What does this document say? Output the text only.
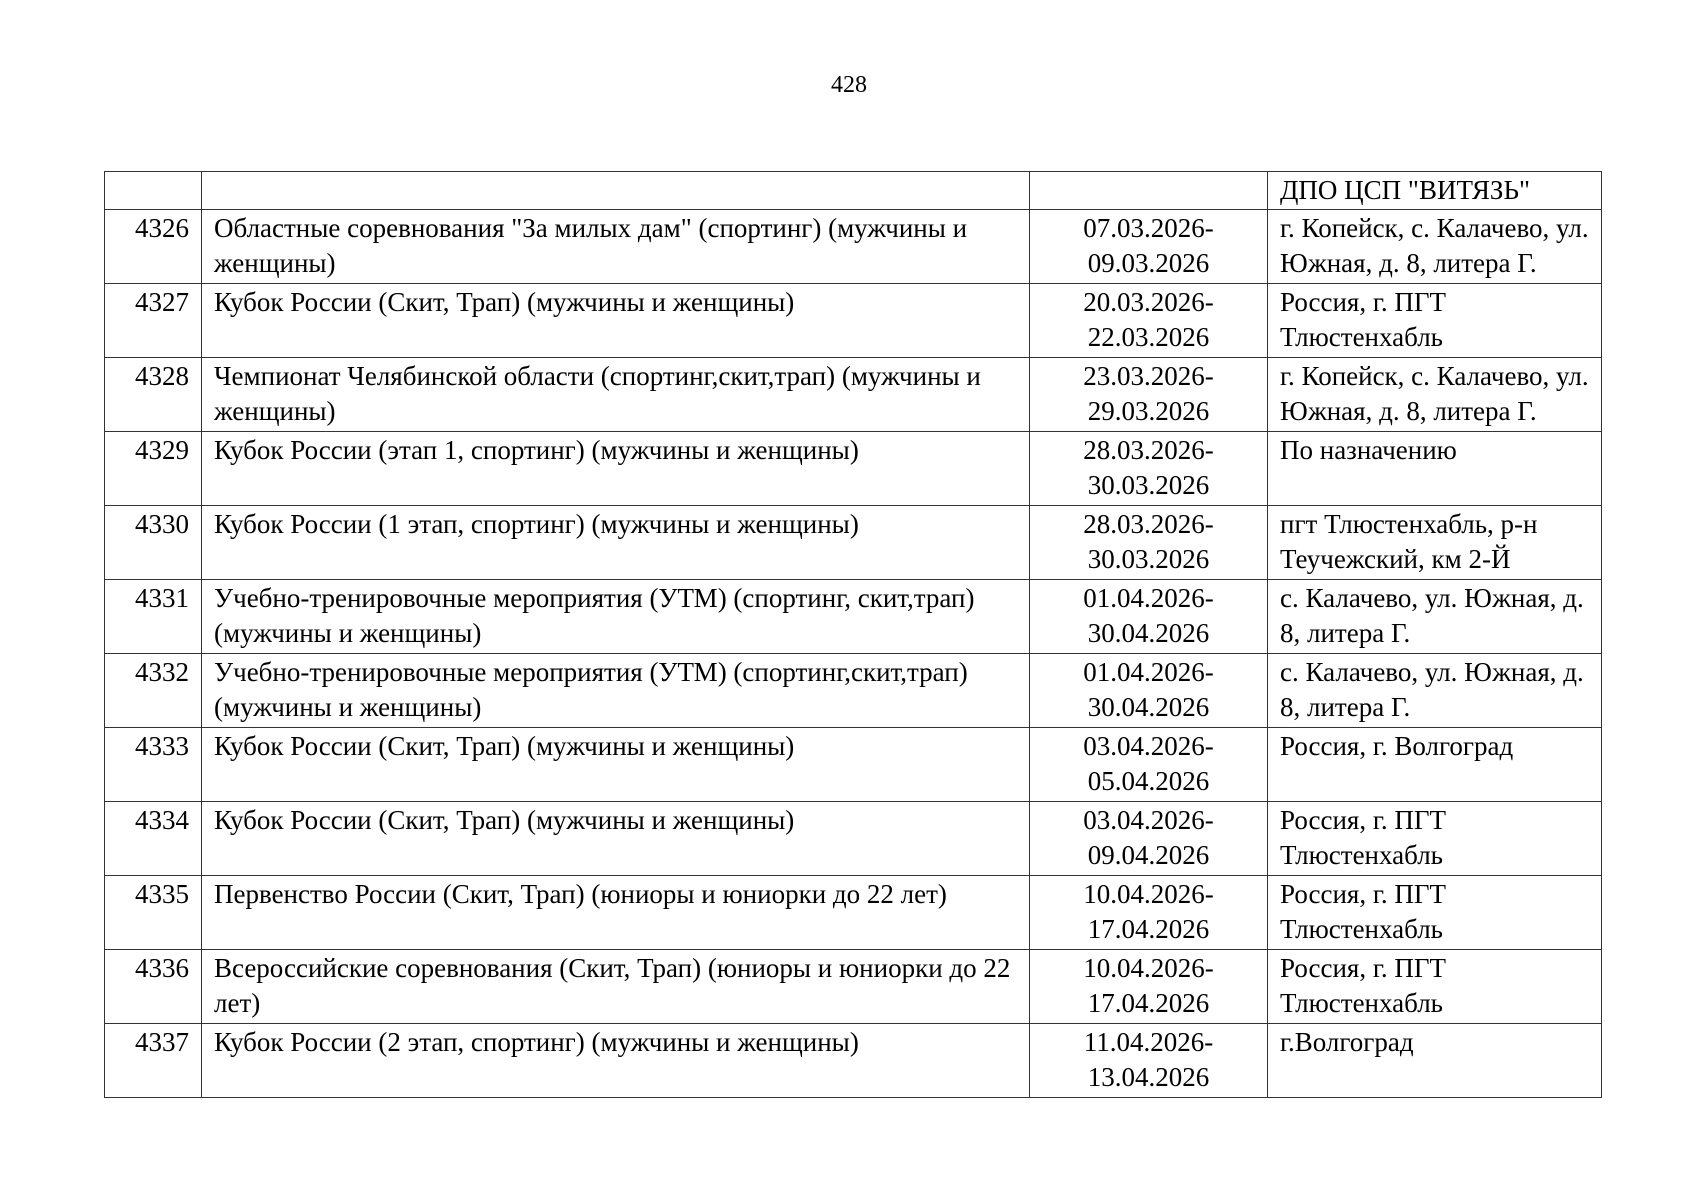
428
			ДПО ЦСП "ВИТЯЗЬ"
4326	Областные соревнования "За милых дам" (спортинг) (мужчины и женщины)	07.03.2026-09.03.2026	г. Копейск, с. Калачево, ул. Южная, д. 8, литера Г.
4327	Кубок России (Скит, Трап) (мужчины и женщины)	20.03.2026-22.03.2026	Россия, г. ПГТ Тлюстенхабль
4328	Чемпионат Челябинской области (спортинг,скит,трап) (мужчины и женщины)	23.03.2026-29.03.2026	г. Копейск, с. Калачево, ул. Южная, д. 8, литера Г.
4329	Кубок России (этап 1, спортинг) (мужчины и женщины)	28.03.2026-30.03.2026	По назначению
4330	Кубок России (1 этап, спортинг) (мужчины и женщины)	28.03.2026-30.03.2026	пгт Тлюстенхабль, р-н Теучежский, км 2-Й
4331	Учебно-тренировочные мероприятия (УТМ) (спортинг, скит,трап) (мужчины и женщины)	01.04.2026-30.04.2026	с. Калачево, ул. Южная, д. 8, литера Г.
4332	Учебно-тренировочные мероприятия (УТМ) (спортинг,скит,трап) (мужчины и женщины)	01.04.2026-30.04.2026	с. Калачево, ул. Южная, д. 8, литера Г.
4333	Кубок России (Скит, Трап) (мужчины и женщины)	03.04.2026-05.04.2026	Россия, г. Волгоград
4334	Кубок России (Скит, Трап) (мужчины и женщины)	03.04.2026-09.04.2026	Россия, г. ПГТ Тлюстенхабль
4335	Первенство России (Скит, Трап) (юниоры и юниорки до 22 лет)	10.04.2026-17.04.2026	Россия, г. ПГТ Тлюстенхабль
4336	Всероссийские соревнования (Скит, Трап) (юниоры и юниорки до 22 лет)	10.04.2026-17.04.2026	Россия, г. ПГТ Тлюстенхабль
4337	Кубок России (2 этап, спортинг) (мужчины и женщины)	11.04.2026-13.04.2026	г.Волгоград
